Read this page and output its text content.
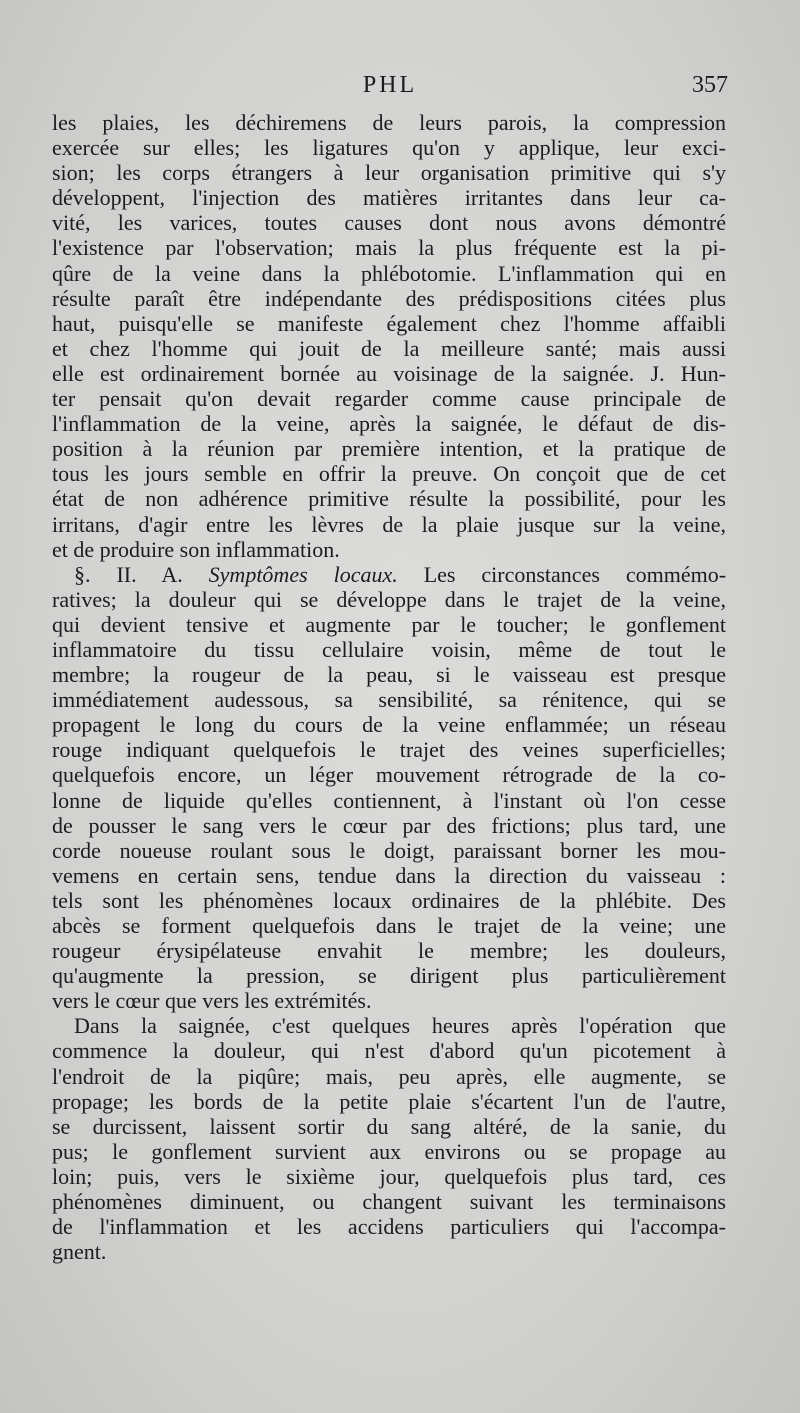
PHL	357
les plaies, les déchiremens de leurs parois, la compression
exercée sur elles; les ligatures qu'on y applique, leur exci-
sion; les corps étrangers à leur organisation primitive qui s'y
développent, l'injection des matières irritantes dans leur ca-
vité, les varices, toutes causes dont nous avons démontré
l'existence par l'observation; mais la plus fréquente est la pi-
qûre de la veine dans la phlébotomie. L'inflammation qui en
résulte paraît être indépendante des prédispositions citées plus
haut, puisqu'elle se manifeste également chez l'homme affaibli
et chez l'homme qui jouit de la meilleure santé; mais aussi
elle est ordinairement bornée au voisinage de la saignée. J. Hun-
ter pensait qu'on devait regarder comme cause principale de
l'inflammation de la veine, après la saignée, le défaut de dis-
position à la réunion par première intention, et la pratique de
tous les jours semble en offrir la preuve. On conçoit que de cet
état de non adhérence primitive résulte la possibilité, pour les
irritans, d'agir entre les lèvres de la plaie jusque sur la veine,
et de produire son inflammation.
§. II. A. Symptômes locaux. Les circonstances commémo-
ratives; la douleur qui se développe dans le trajet de la veine,
qui devient tensive et augmente par le toucher; le gonflement
inflammatoire du tissu cellulaire voisin, même de tout le
membre; la rougeur de la peau, si le vaisseau est presque
immédiatement audessous, sa sensibilité, sa rénitence, qui se
propagent le long du cours de la veine enflammée; un réseau
rouge indiquant quelquefois le trajet des veines superficielles;
quelquefois encore, un léger mouvement rétrograde de la co-
lonne de liquide qu'elles contiennent, à l'instant où l'on cesse
de pousser le sang vers le cœur par des frictions; plus tard, une
corde noueuse roulant sous le doigt, paraissant borner les mou-
vemens en certain sens, tendue dans la direction du vaisseau :
tels sont les phénomènes locaux ordinaires de la phlébite. Des
abcès se forment quelquefois dans le trajet de la veine; une
rougeur érysipélateuse envahit le membre; les douleurs,
qu'augmente la pression, se dirigent plus particulièrement
vers le cœur que vers les extrémités.
Dans la saignée, c'est quelques heures après l'opération que
commence la douleur, qui n'est d'abord qu'un picotement à
l'endroit de la piqûre; mais, peu après, elle augmente, se
propage; les bords de la petite plaie s'écartent l'un de l'autre,
se durcissent, laissent sortir du sang altéré, de la sanie, du
pus; le gonflement survient aux environs ou se propage au
loin; puis, vers le sixième jour, quelquefois plus tard, ces
phénomènes diminuent, ou changent suivant les terminaisons
de l'inflammation et les accidens particuliers qui l'accompa-
gnent.
